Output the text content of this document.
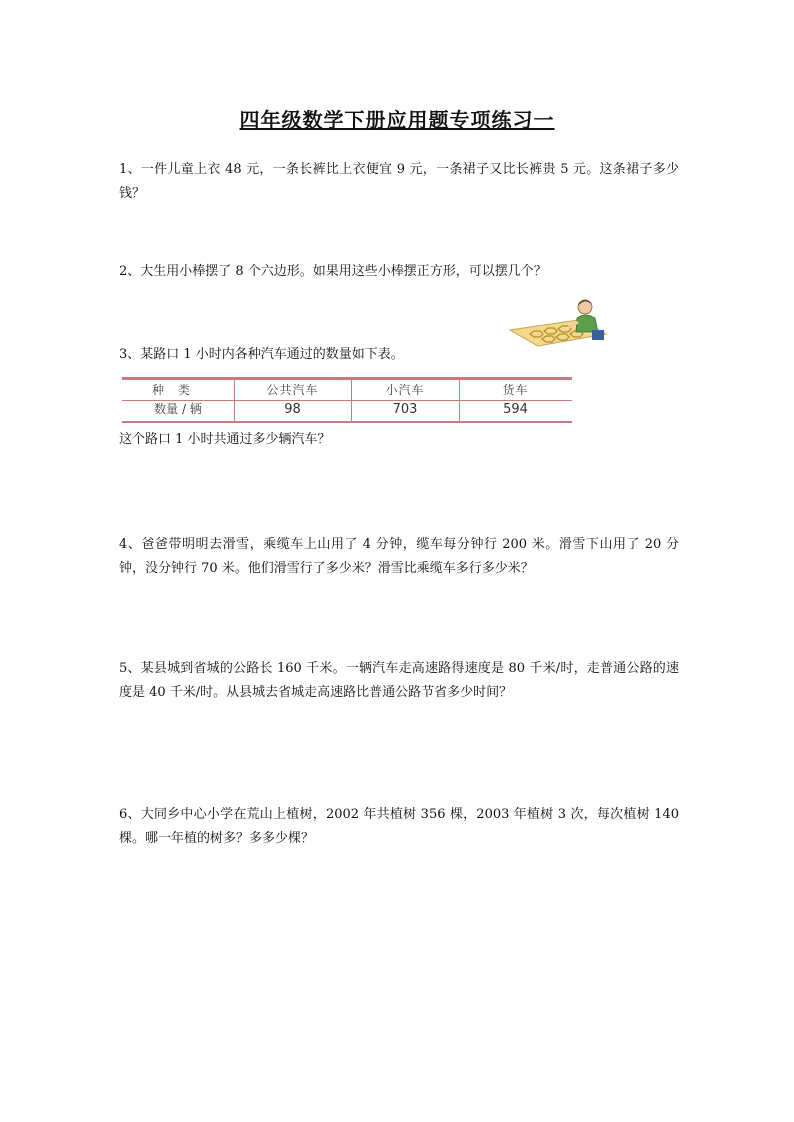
四年级数学下册应用题专项练习一
1、一件儿童上衣 48 元，一条长裤比上衣便宜 9 元，一条裙子又比长裤贵 5 元。这条裙子多少钱？
2、大生用小棒摆了 8 个六边形。如果用这些小棒摆正方形，可以摆几个？
3、某路口 1 小时内各种汽车通过的数量如下表。
种类	公共汽车	小汽车	货车
数量 / 辆	98	703	594
这个路口 1 小时共通过多少辆汽车？
4、爸爸带明明去滑雪，乘缆车上山用了 4 分钟，缆车每分钟行 200 米。滑雪下山用了 20 分钟，没分钟行 70 米。他们滑雪行了多少米？滑雪比乘缆车多行多少米？
5、某县城到省城的公路长 160 千米。一辆汽车走高速路得速度是 80 千米/时，走普通公路的速度是 40 千米/时。从县城去省城走高速路比普通公路节省多少时间？
6、大同乡中心小学在荒山上植树，2002 年共植树 356 棵，2003 年植树 3 次，每次植树 140 棵。哪一年植的树多？多多少棵？
